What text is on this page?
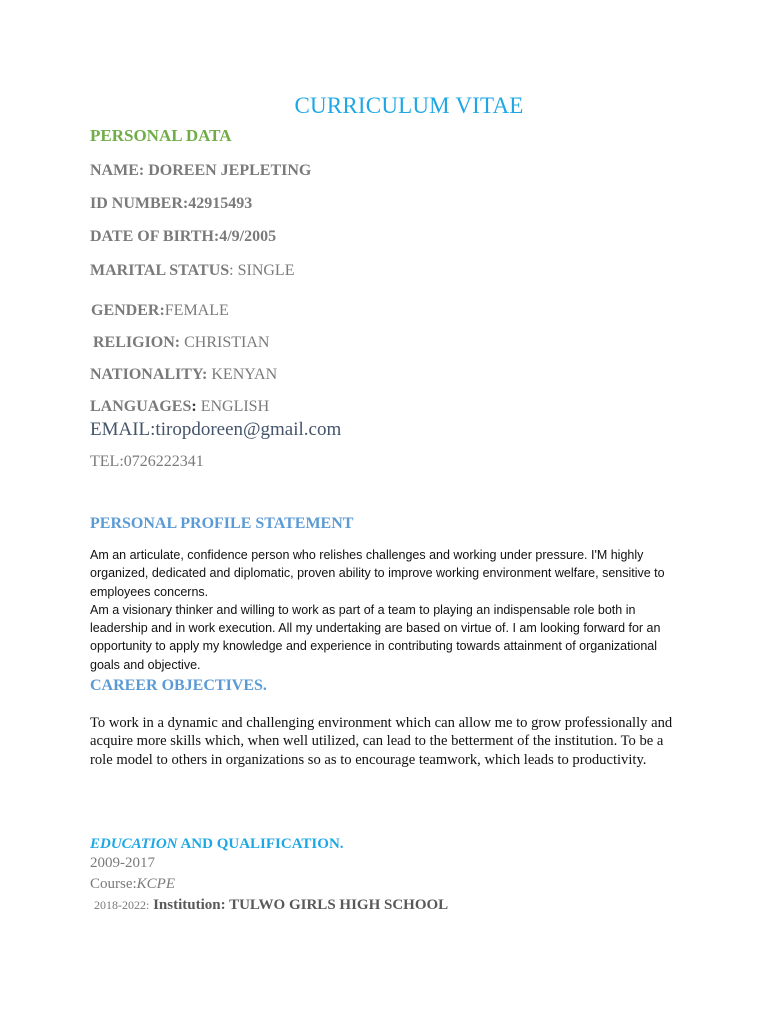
CURRICULUM VITAE
PERSONAL DATA
NAME: DOREEN JEPLETING
ID NUMBER:42915493
DATE OF BIRTH:4/9/2005
MARITAL STATUS: SINGLE
GENDER:FEMALE
RELIGION: CHRISTIAN
NATIONALITY: KENYAN
LANGUAGES: ENGLISH
EMAIL:tiropdoreen@gmail.com
TEL:0726222341
PERSONAL PROFILE STATEMENT

Am an articulate, confidence person who relishes challenges and working under pressure. I'M highly organized, dedicated and diplomatic, proven ability to improve working environment welfare, sensitive to employees concerns.

Am a visionary thinker and willing to work as part of a team to playing an indispensable role both in leadership and in work execution. All my undertaking are based on virtue of. I am looking forward for an opportunity to apply my knowledge and experience in contributing towards attainment of organizational goals and objective.

CAREER OBJECTIVES.

To work in a dynamic and challenging environment which can allow me to grow professionally and acquire more skills which, when well utilized, can lead to the betterment of the institution. To be a role model to others in organizations so as to encourage teamwork, which leads to productivity.

EDUCATION AND QUALIFICATION.
2009-2017
Course:KCPE
2018-2022: Institution: TULWO GIRLS HIGH SCHOOL
